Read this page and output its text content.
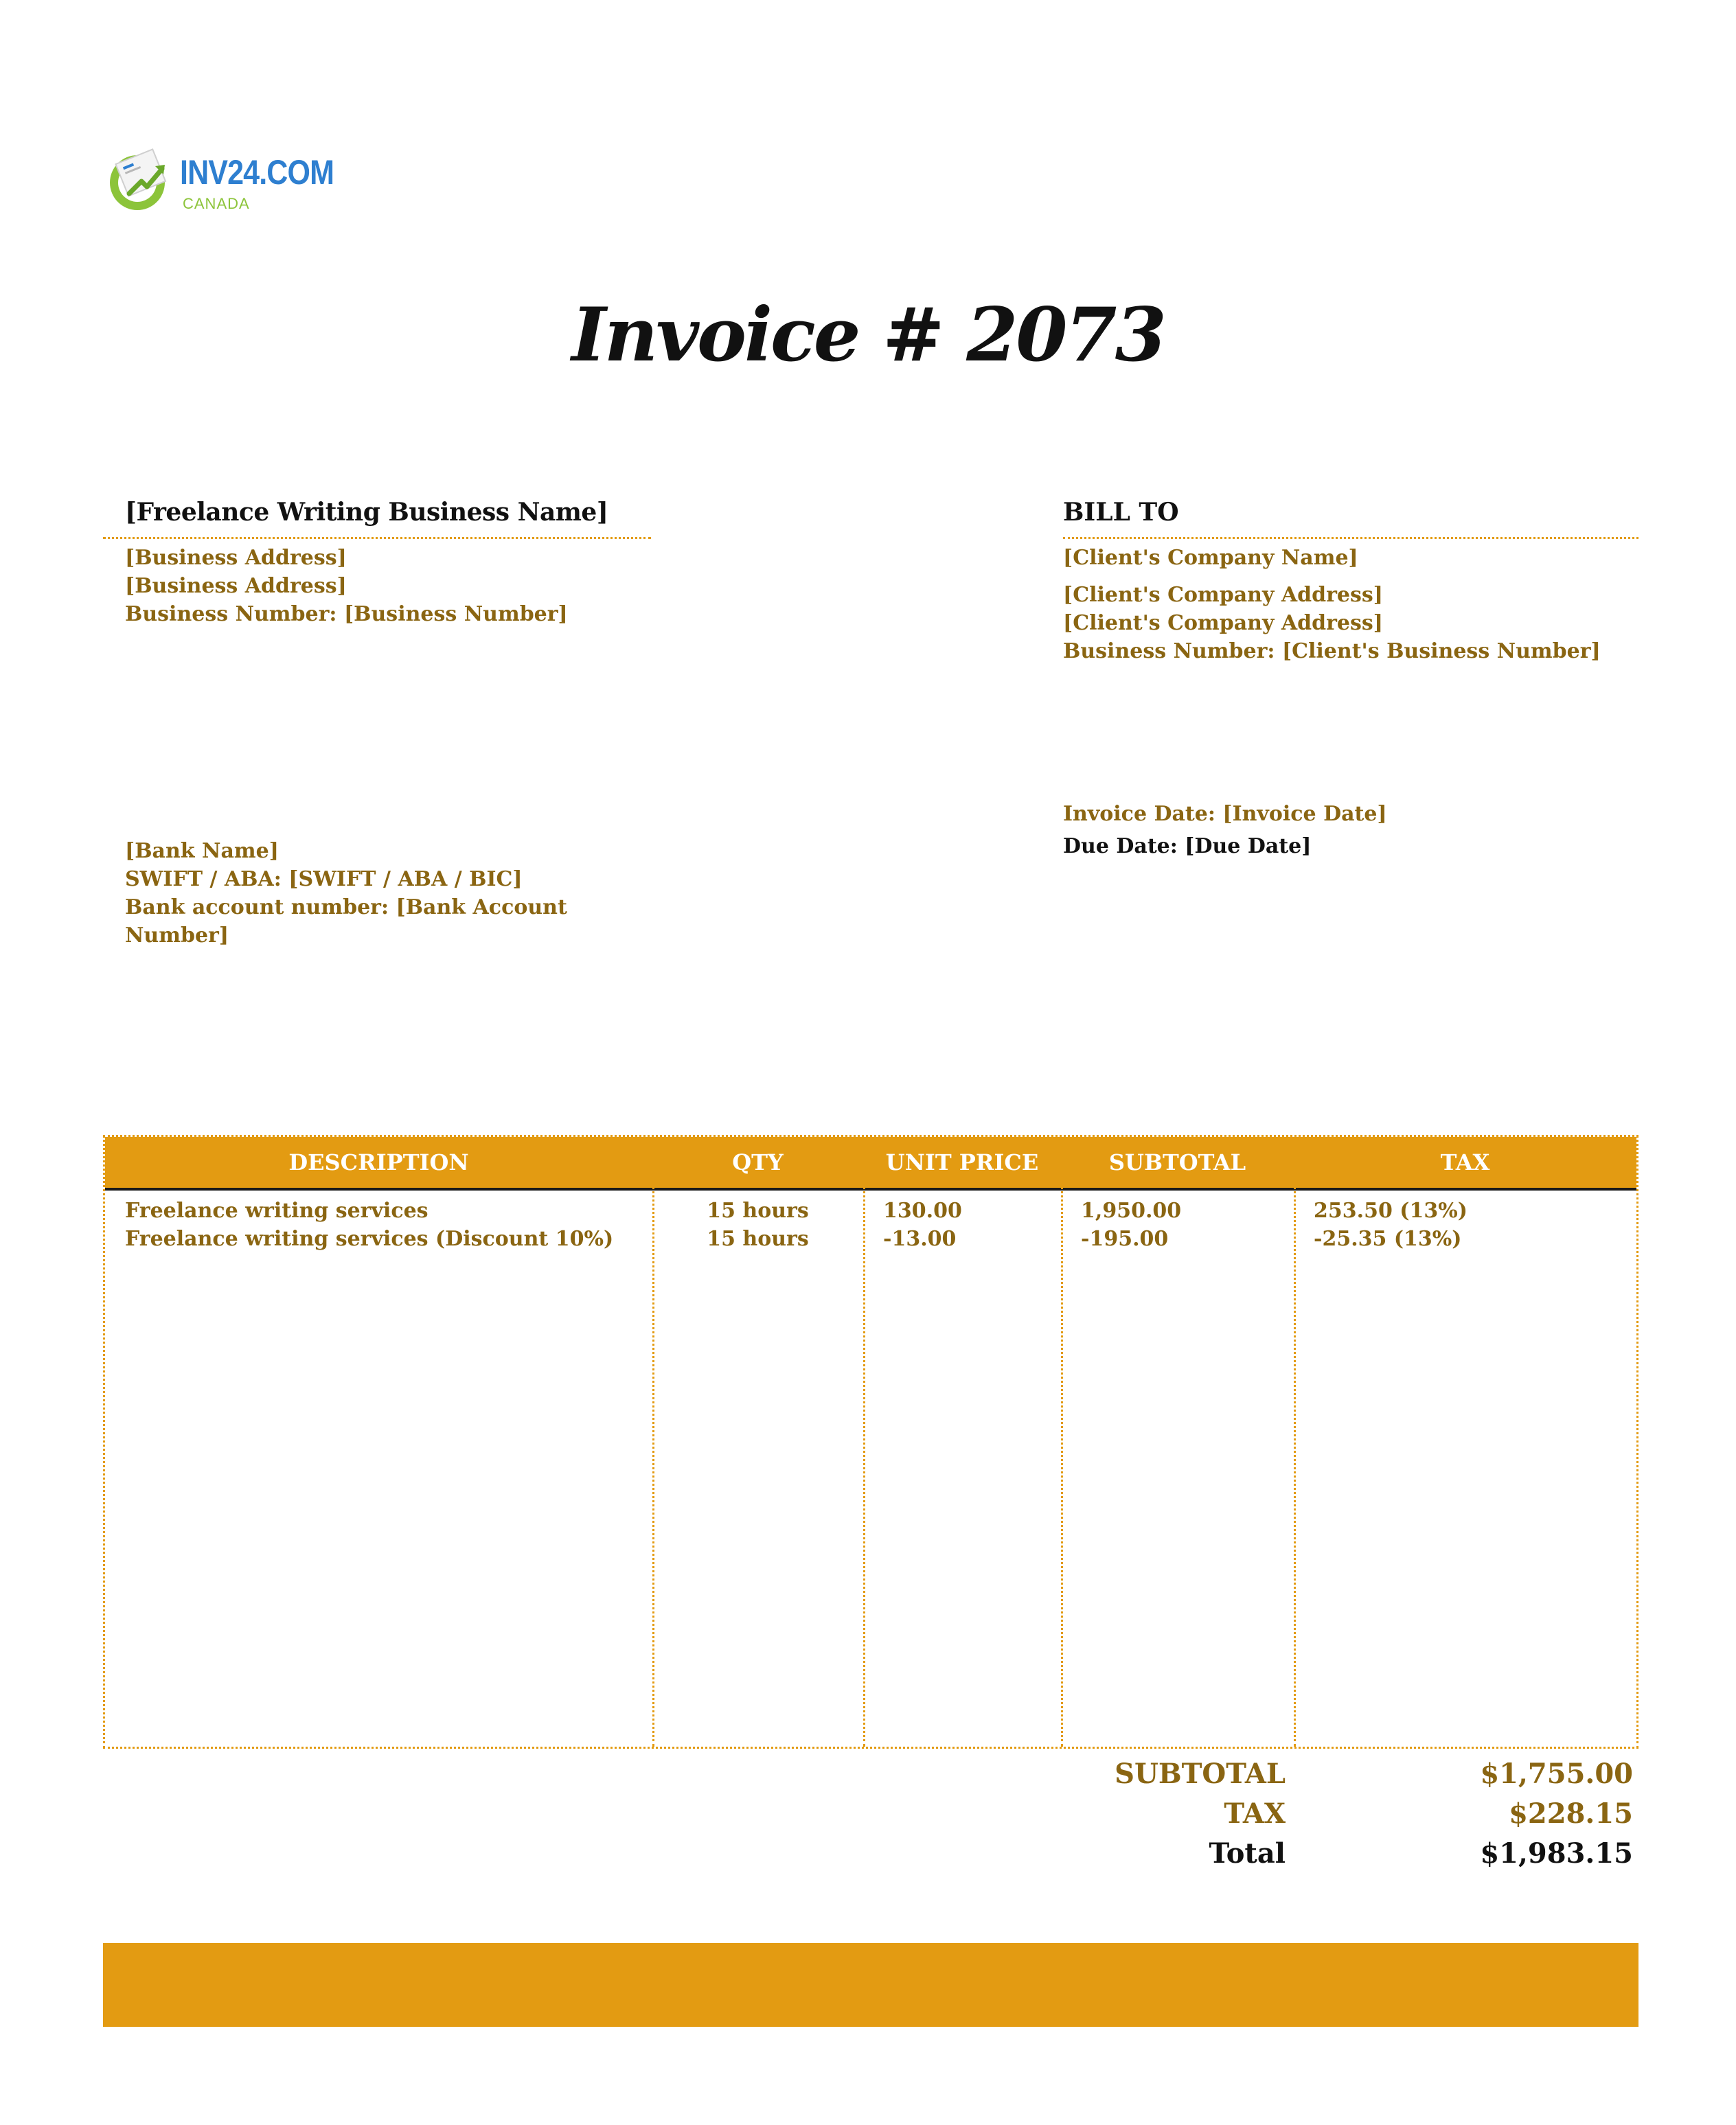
INV24.COM
CANADA
Invoice # 2073
[Freelance Writing Business Name]
[Business Address]
[Business Address]
Business Number: [Business Number]
[Bank Name]
SWIFT / ABA: [SWIFT / ABA / BIC]
Bank account number: [Bank Account
Number]
BILL TO
[Client's Company Name]
[Client's Company Address]
[Client's Company Address]
Business Number: [Client's Business Number]
Invoice Date: [Invoice Date]
Due Date: [Due Date]
DESCRIPTION	QTY	UNIT PRICE	SUBTOTAL	TAX
Freelance writing services	15 hours	130.00	1,950.00	253.50 (13%)
Freelance writing services (Discount 10%)	15 hours	-13.00	-195.00	-25.35 (13%)
SUBTOTAL	$1,755.00
TAX	$228.15
Total	$1,983.15
